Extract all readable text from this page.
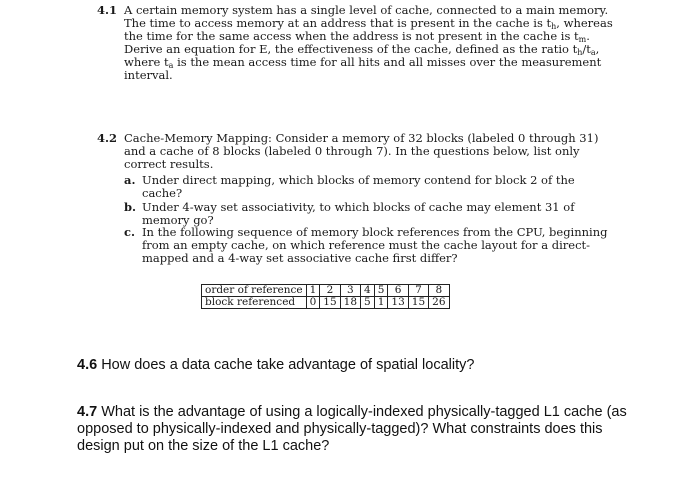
4.1 A certain memory system has a single level of cache, connected to a main memory.
The time to access memory at an address that is present in the cache is $t_h$, whereas
the time for the same access when the address is not present in the cache is $t_m$.
Derive an equation for E, the effectiveness of the cache, defined as the ratio $t_h/t_a$,
where $t_a$ is the mean access time for all hits and all misses over the measurement
interval.
4.2 Cache-Memory Mapping: Consider a memory of 32 blocks (labeled 0 through 31)
and a cache of 8 blocks (labeled 0 through 7). In the questions below, list only
correct results.
a. Under direct mapping, which blocks of memory contend for block 2 of the
cache?
b. Under 4-way set associativity, to which blocks of cache may element 31 of
memory go?
c. In the following sequence of memory block references from the CPU, beginning
from an empty cache, on which reference must the cache layout for a direct-
mapped and a 4-way set associative cache first differ?
order of reference	1	2	3	4	5	6	7	8
block referenced	0	15	18	5	1	13	15	26
4.6 How does a data cache take advantage of spatial locality?
4.7 What is the advantage of using a logically-indexed physically-tagged L1 cache (as
opposed to physically-indexed and physically-tagged)? What constraints does this
design put on the size of the L1 cache?
